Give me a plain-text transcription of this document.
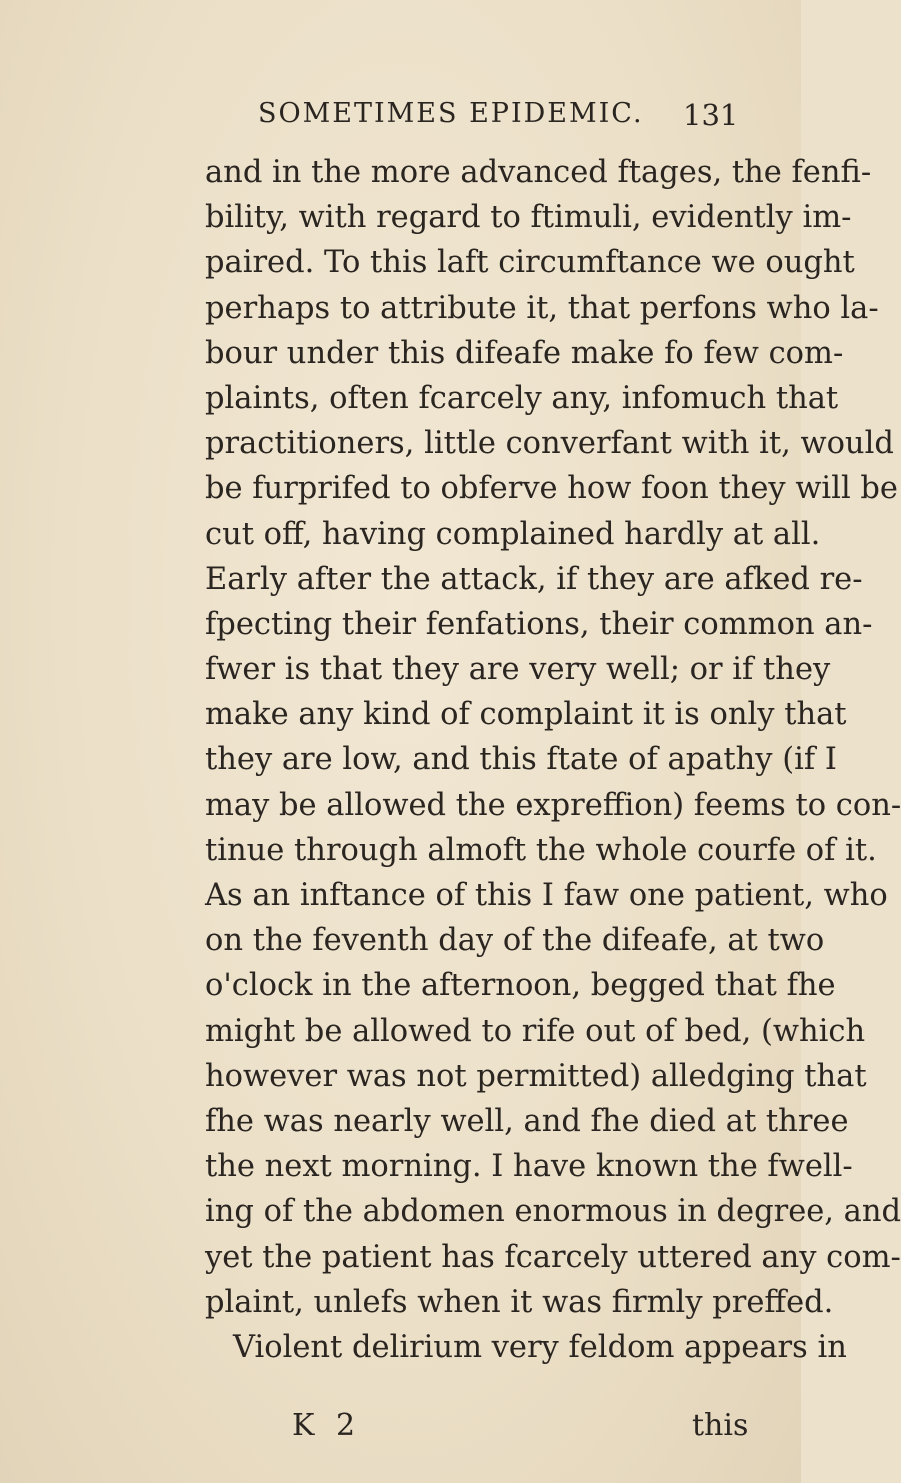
SOMETIMES EPIDEMIC. 131
and in the more advanced ftages, the fenfi-
bility, with regard to ftimuli, evidently im-
paired. To this laft circumftance we ought
perhaps to attribute it, that perfons who la-
bour under this difeafe make fo few com-
plaints, often fcarcely any, infomuch that
practitioners, little converfant with it, would
be furprifed to obferve how foon they will be
cut off, having complained hardly at all.
Early after the attack, if they are afked re-
fpecting their fenfations, their common an-
fwer is that they are very well; or if they
make any kind of complaint it is only that
they are low, and this ftate of apathy (if I
may be allowed the expreffion) feems to con-
tinue through almoft the whole courfe of it.
As an inftance of this I faw one patient, who
on the feventh day of the difeafe, at two
o'clock in the afternoon, begged that fhe
might be allowed to rife out of bed, (which
however was not permitted) alledging that
fhe was nearly well, and fhe died at three
the next morning. I have known the fwell-
ing of the abdomen enormous in degree, and
yet the patient has fcarcely uttered any com-
plaint, unlefs when it was firmly preffed.
Violent delirium very feldom appears in
K 2	this
